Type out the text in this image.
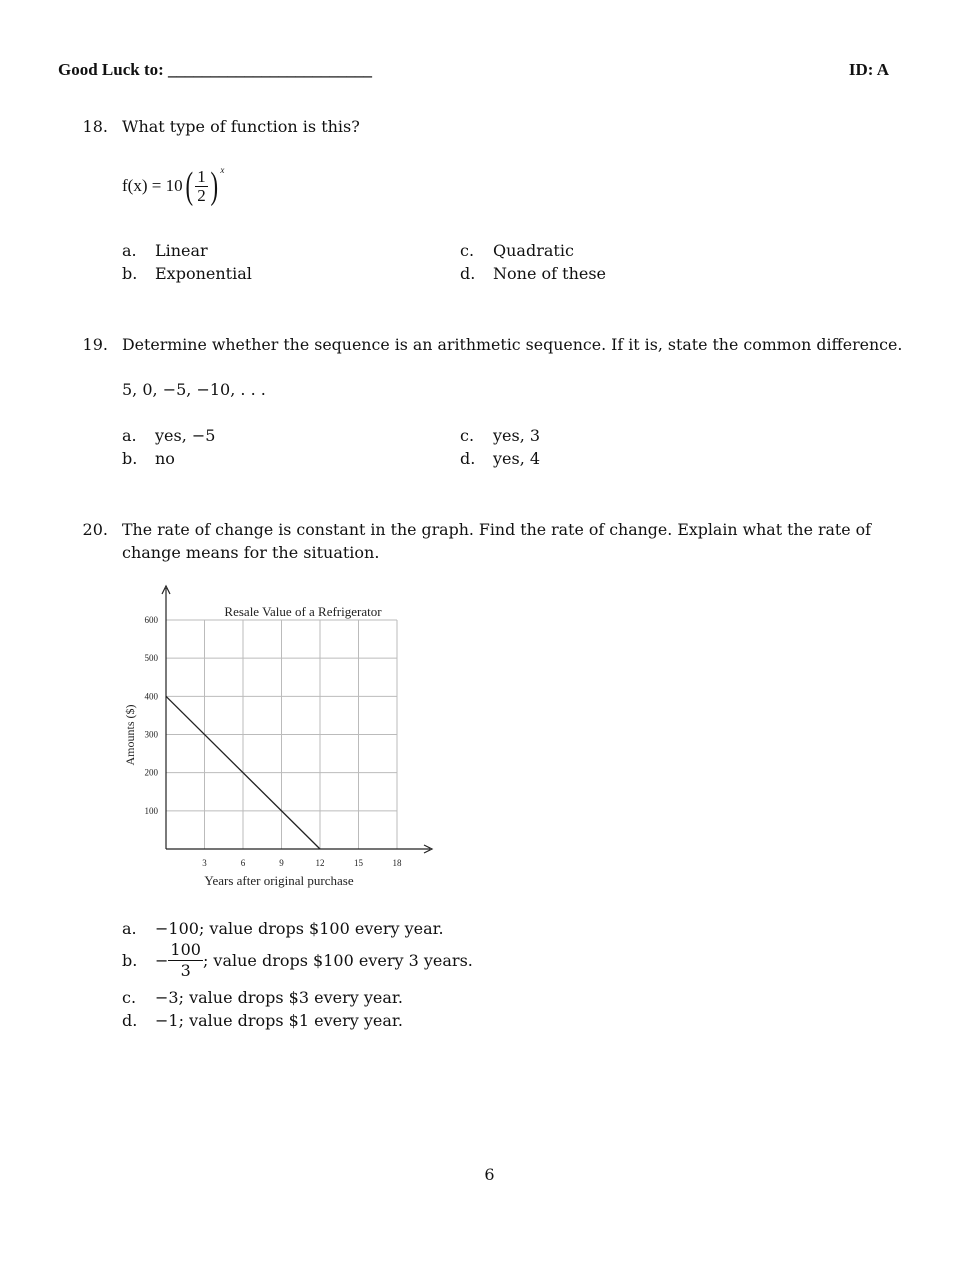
Good Luck to: ________________________	ID: A
18. What type of function is this?
$f(x) = 10( \frac{1}{2}$ ) $^x$
a.	Linear
b. Exponential
c.	Quadratic
d. None of these
19. Determine whether the sequence is an arithmetic sequence. If it is, state the common difference.
5, 0, −5, −10, . . .
a.	yes, −5
b. no
c.	yes, 3
d. yes, 4
20. The rate of change is constant in the graph. Find the rate of change. Explain what the rate of
change means for the situation.
3	6	9	12	15	18
100
200
300
400
500
600
Resale Value of a Refrigerator
Years after original purchase
Amounts ($)
a.	−100; value drops $100 every year.
b. − $\frac{100}{3}$ ; value drops $100 every 3 years.
c.	−3; value drops $3 every year.
d. −1; value drops $1 every year.
6
